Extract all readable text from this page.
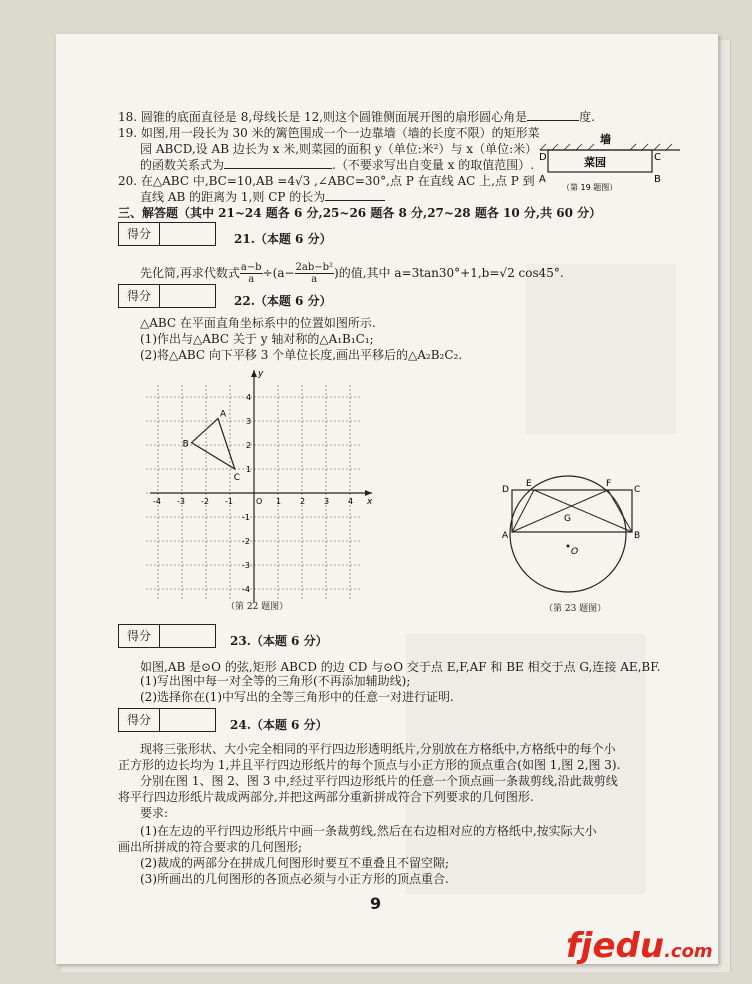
18. 圆锥的底面直径是 8,母线长是 12,则这个圆锥侧面展开图的扇形圆心角是	度.
19. 如图,用一段长为 30 米的篱笆围成一个一边靠墙（墙的长度不限）的矩形菜
园 ABCD,设 AB 边长为 x 米,则菜园的面积 y（单位:米²）与 x（单位:米）
的函数关系式为	.（不要求写出自变量 x 的取值范围）.
墙
菜园
D	C
A	B
（第 19 题图）
20. 在△ABC 中,BC=10,AB =4√3 ,∠ABC=30°,点 P 在直线 AC 上,点 P 到
直线 AB 的距离为 1,则 CP 的长为
三、解答题（其中 21~24 题各 6 分,25~26 题各 8 分,27~28 题各 10 分,共 60 分）
得分	21.（本题 6 分）
先化简,再求代数式 $\frac{a-b}{a} \div(a- \frac{\text{2ab−b²}}{a}$ )的值,其中 a=3tan30°+1,b=√2 cos45°.
得分	22.（本题 6 分）
△ABC 在平面直角坐标系中的位置如图所示.
(1)作出与△ABC 关于 y 轴对称的△A₁B₁C₁;
(2)将△ABC 向下平移 3 个单位长度,画出平移后的△A₂B₂C₂.
x
y
O
-4 -3 -2 -1	1 2 3 4
4
3
2
1
-1
-2
-3
-4
A
B
C
（第 22 题图）
D
E	F
C
G
A	B
O
（第 23 题图）
得分	23.（本题 6 分）
如图,AB 是⊙O 的弦,矩形 ABCD 的边 CD 与⊙O 交于点 E,F,AF 和 BE 相交于点 G,连接 AE,BF.
(1)写出图中每一对全等的三角形(不再添加辅助线);
(2)选择你在(1)中写出的全等三角形中的任意一对进行证明.
得分	24.（本题 6 分）
现将三张形状、大小完全相同的平行四边形透明纸片,分别放在方格纸中,方格纸中的每个小
正方形的边长均为 1,并且平行四边形纸片的每个顶点与小正方形的顶点重合(如图 1,图 2,图 3).
分别在图 1、图 2、图 3 中,经过平行四边形纸片的任意一个顶点画一条裁剪线,沿此裁剪线
将平行四边形纸片裁成两部分,并把这两部分重新拼成符合下列要求的几何图形.
要求:
(1)在左边的平行四边形纸片中画一条裁剪线,然后在右边相对应的方格纸中,按实际大小
画出所拼成的符合要求的几何图形;
(2)裁成的两部分在拼成几何图形时要互不重叠且不留空隙;
(3)所画出的几何图形的各顶点必须与小正方形的顶点重合.
9
fjedu.com
